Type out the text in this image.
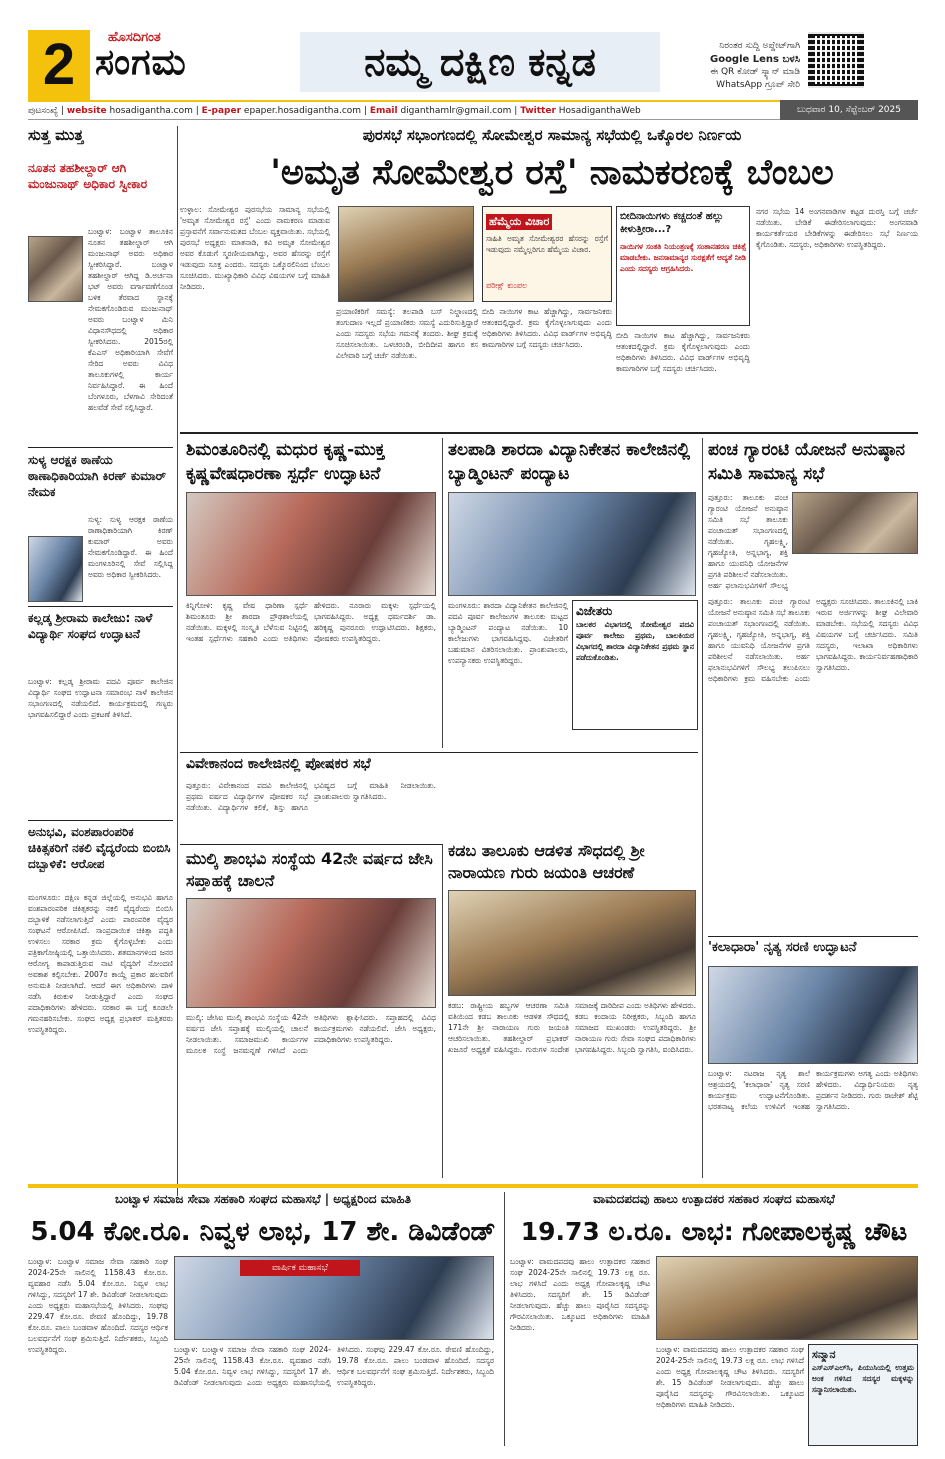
2	ಹೊಸದಿಗಂತ
ಸಂಗಮ	ನಮ್ಮ ದಕ್ಷಿಣ ಕನ್ನಡ	ನಿರಂತರ ಸುದ್ದಿ ಅಪ್ಡೇಟ್‌ಗಾಗಿ
Google Lens ಬಳಸಿ
ಈ QR ಕೋಡ್ ಸ್ಕ್ಯಾನ್ ಮಾಡಿ
WhatsApp ಗ್ರೂಪ್ ಸೇರಿ
ಪುಟಸಂಖ್ಯೆ | website hosadigantha.com | E-paper epaper.hosadigantha.com | Email diganthamlr@gmail.com | Twitter HosadiganthaWeb	ಬುಧವಾರ 10, ಸೆಪ್ಟೆಂಬರ್ 2025
ಸುತ್ತ ಮುತ್ತ
ನೂತನ ತಹಶೀಲ್ದಾರ್ ಆಗಿ ಮಂಜುನಾಥ್ ಅಧಿಕಾರ ಸ್ವೀಕಾರ
ಬಂಟ್ವಾಳ: ಬಂಟ್ವಾಳ ತಾಲೂಕಿನ ನೂತನ ತಹಶೀಲ್ದಾರ್ ಆಗಿ ಮಂಜುನಾಥ್ ಅವರು ಅಧಿಕಾರ ಸ್ವೀಕರಿಸಿದ್ದಾರೆ. ಬಂಟ್ವಾಳ ತಹಶೀಲ್ದಾರ್ ಆಗಿದ್ದ ಡಿ.ಅರ್ಚನಾ ಭಟ್ ಅವರು ವರ್ಗಾವಣೆಗೊಂಡ ಬಳಿಕ ತೆರವಾದ ಸ್ಥಾನಕ್ಕೆ ನೇಮಕಗೊಂಡಿರುವ ಮಂಜುನಾಥ್ ಅವರು ಬಂಟ್ವಾಳ ಮಿನಿ ವಿಧಾನಸೌಧದಲ್ಲಿ ಅಧಿಕಾರ ಸ್ವೀಕರಿಸಿದರು. 2015ರಲ್ಲಿ ಕೆಎಎಸ್ ಅಧಿಕಾರಿಯಾಗಿ ಸೇವೆಗೆ ಸೇರಿದ ಅವರು ವಿವಿಧ ತಾಲೂಕುಗಳಲ್ಲಿ ಕಾರ್ಯ ನಿರ್ವಹಿಸಿದ್ದಾರೆ. ಈ ಹಿಂದೆ ಬೆಂಗಳೂರು, ಬೆಳಗಾವಿ ಸೇರಿದಂತೆ ಹಲವೆಡೆ ಸೇವೆ ಸಲ್ಲಿಸಿದ್ದಾರೆ.
ಸುಳ್ಯ ಆರಕ್ಷಕ ಠಾಣೆಯ ಠಾಣಾಧಿಕಾರಿಯಾಗಿ ಕಿರಣ್ ಕುಮಾರ್ ನೇಮಕ
ಸುಳ್ಯ: ಸುಳ್ಯ ಆರಕ್ಷಕ ಠಾಣೆಯ ಠಾಣಾಧಿಕಾರಿಯಾಗಿ ಕಿರಣ್ ಕುಮಾರ್ ಅವರು ನೇಮಕಗೊಂಡಿದ್ದಾರೆ. ಈ ಹಿಂದೆ ಮಂಗಳೂರಿನಲ್ಲಿ ಸೇವೆ ಸಲ್ಲಿಸಿದ್ದ ಅವರು ಅಧಿಕಾರ ಸ್ವೀಕರಿಸಿದರು.
ಕಲ್ಲಡ್ಕ ಶ್ರೀರಾಮ ಕಾಲೇಜು: ನಾಳೆ ವಿದ್ಯಾರ್ಥಿ ಸಂಘದ ಉದ್ಘಾಟನೆ
ಬಂಟ್ವಾಳ: ಕಲ್ಲಡ್ಕ ಶ್ರೀರಾಮ ಪದವಿ ಪೂರ್ವ ಕಾಲೇಜಿನ ವಿದ್ಯಾರ್ಥಿ ಸಂಘದ ಉದ್ಘಾಟನಾ ಸಮಾರಂಭ ನಾಳೆ ಕಾಲೇಜಿನ ಸಭಾಂಗಣದಲ್ಲಿ ನಡೆಯಲಿದೆ. ಕಾರ್ಯಕ್ರಮದಲ್ಲಿ ಗಣ್ಯರು ಭಾಗವಹಿಸಲಿದ್ದಾರೆ ಎಂದು ಪ್ರಕಟಣೆ ತಿಳಿಸಿದೆ.
ಅನುಭವಿ, ವಂಶಪಾರಂಪರಿಕ ಚಿಕಿತ್ಸಕರಿಗೆ ನಕಲಿ ವೈದ್ಯರೆಂದು ಬಿಂಬಿಸಿ ದಬ್ಬಾಳಿಕೆ: ಆರೋಪ
ಮಂಗಳೂರು: ದಕ್ಷಿಣ ಕನ್ನಡ ಜಿಲ್ಲೆಯಲ್ಲಿ ಅನುಭವಿ ಹಾಗೂ ವಂಶಪಾರಂಪರಿಕ ಚಿಕಿತ್ಸಕರನ್ನು ನಕಲಿ ವೈದ್ಯರೆಂದು ಬಿಂಬಿಸಿ ದಬ್ಬಾಳಿಕೆ ನಡೆಸಲಾಗುತ್ತಿದೆ ಎಂದು ಪಾರಂಪರಿಕ ವೈದ್ಯರ ಸಂಘಟನೆ ಆರೋಪಿಸಿದೆ. ಸಾಂಪ್ರದಾಯಿಕ ಚಿಕಿತ್ಸಾ ಪದ್ಧತಿ ಉಳಿಸಲು ಸರಕಾರ ಕ್ರಮ ಕೈಗೊಳ್ಳಬೇಕು ಎಂದು ಪತ್ರಿಕಾಗೋಷ್ಠಿಯಲ್ಲಿ ಒತ್ತಾಯಿಸಿದರು. ಶತಮಾನಗಳಿಂದ ಜನರ ಆರೋಗ್ಯ ಕಾಪಾಡುತ್ತಿರುವ ನಾಟಿ ವೈದ್ಯರಿಗೆ ನೋಂದಣಿ ಅವಕಾಶ ಕಲ್ಪಿಸಬೇಕು. 2007ರ ಕಾಯ್ದೆ ಪ್ರಕಾರ ಹಲವರಿಗೆ ಅನುಮತಿ ನೀಡಲಾಗಿದೆ. ಆದರೆ ಈಗ ಅಧಿಕಾರಿಗಳು ದಾಳಿ ನಡೆಸಿ ಕಿರುಕುಳ ನೀಡುತ್ತಿದ್ದಾರೆ ಎಂದು ಸಂಘದ ಪದಾಧಿಕಾರಿಗಳು ಹೇಳಿದರು. ಸರಕಾರ ಈ ಬಗ್ಗೆ ಕೂಡಲೇ ಗಮನಹರಿಸಬೇಕು. ಸಂಘದ ಅಧ್ಯಕ್ಷ ಪ್ರಭಾಕರ್ ಮತ್ತಿತರರು ಉಪಸ್ಥಿತರಿದ್ದರು.
ಪುರಸಭೆ ಸಭಾಂಗಣದಲ್ಲಿ ಸೋಮೇಶ್ವರ ಸಾಮಾನ್ಯ ಸಭೆಯಲ್ಲಿ ಒಕ್ಕೊರಲ ನಿರ್ಣಯ
'ಅಮೃತ ಸೋಮೇಶ್ವರ ರಸ್ತೆ' ನಾಮಕರಣಕ್ಕೆ ಬೆಂಬಲ
ಉಳ್ಳಾಲ: ಸೋಮೇಶ್ವರ ಪುರಸಭೆಯ ಸಾಮಾನ್ಯ ಸಭೆಯಲ್ಲಿ 'ಅಮೃತ ಸೋಮೇಶ್ವರ ರಸ್ತೆ' ಎಂದು ನಾಮಕರಣ ಮಾಡುವ ಪ್ರಸ್ತಾವನೆಗೆ ಸರ್ವಾನುಮತದ ಬೆಂಬಲ ವ್ಯಕ್ತವಾಯಿತು. ಸಭೆಯಲ್ಲಿ ಪುರಸಭೆ ಅಧ್ಯಕ್ಷರು ಮಾತನಾಡಿ, ಕವಿ ಅಮೃತ ಸೋಮೇಶ್ವರ ಅವರ ಕೊಡುಗೆ ಸ್ಮರಣೀಯವಾಗಿದ್ದು, ಅವರ ಹೆಸರನ್ನು ರಸ್ತೆಗೆ ಇಡುವುದು ಸೂಕ್ತ ಎಂದರು. ಸದಸ್ಯರು ಒಕ್ಕೊರಲಿನಿಂದ ಬೆಂಬಲ ಸೂಚಿಸಿದರು. ಮುಖ್ಯಾಧಿಕಾರಿ ವಿವಿಧ ವಿಷಯಗಳ ಬಗ್ಗೆ ಮಾಹಿತಿ ನೀಡಿದರು.
ಪ್ರಯಾಣಿಕರಿಗೆ ಸಮಸ್ಯೆ: ತಲಪಾಡಿ ಬಸ್ ನಿಲ್ದಾಣದಲ್ಲಿ ತಂಗುದಾಣ ಇಲ್ಲದೆ ಪ್ರಯಾಣಿಕರು ಸಮಸ್ಯೆ ಎದುರಿಸುತ್ತಿದ್ದಾರೆ ಎಂದು ಸದಸ್ಯರು ಸಭೆಯ ಗಮನಕ್ಕೆ ತಂದರು. ಶೀಘ್ರ ಕ್ರಮಕ್ಕೆ ಸೂಚಿಸಲಾಯಿತು. ಒಳಚರಂಡಿ, ಬೀದಿದೀಪ ಹಾಗೂ ಕಸ ವಿಲೇವಾರಿ ಬಗ್ಗೆ ಚರ್ಚೆ ನಡೆಯಿತು.
ಹೆಮ್ಮೆಯ ವಿಚಾರ
ಸಾಹಿತಿ ಅಮೃತ ಸೋಮೇಶ್ವರರ ಹೆಸರನ್ನು ರಸ್ತೆಗೆ ಇಡುವುದು ನಮ್ಮೆಲ್ಲರಿಗೂ ಹೆಮ್ಮೆಯ ವಿಚಾರ.
ಪರೀಕ್ಷ್ ಕುಂಪಲ
ಬೀದಿ ನಾಯಿಗಳ ಕಾಟ ಹೆಚ್ಚಾಗಿದ್ದು, ಸಾರ್ವಜನಿಕರು ಆತಂಕದಲ್ಲಿದ್ದಾರೆ. ಕ್ರಮ ಕೈಗೊಳ್ಳಲಾಗುವುದು ಎಂದು ಅಧಿಕಾರಿಗಳು ತಿಳಿಸಿದರು. ವಿವಿಧ ವಾರ್ಡ್‌ಗಳ ಅಭಿವೃದ್ಧಿ ಕಾಮಗಾರಿಗಳ ಬಗ್ಗೆ ಸದಸ್ಯರು ಚರ್ಚಿಸಿದರು.
ಬೀದಿನಾಯಿಗಳು ಕಚ್ಚದಂತೆ ಹಲ್ಲು ಕೀಳುತ್ತೀರಾ...?
ನಾಯಿಗಳ ಸಂತತಿ ನಿಯಂತ್ರಣಕ್ಕೆ ಸಂತಾನಹರಣ ಚಿಕಿತ್ಸೆ ಮಾಡಬೇಕು. ಜನಸಾಮಾನ್ಯರ ಸುರಕ್ಷತೆಗೆ ಆದ್ಯತೆ ನೀಡಿ ಎಂದು ಸದಸ್ಯರು ಆಗ್ರಹಿಸಿದರು.
ಬೀದಿ ನಾಯಿಗಳ ಕಾಟ ಹೆಚ್ಚಾಗಿದ್ದು, ಸಾರ್ವಜನಿಕರು ಆತಂಕದಲ್ಲಿದ್ದಾರೆ. ಕ್ರಮ ಕೈಗೊಳ್ಳಲಾಗುವುದು ಎಂದು ಅಧಿಕಾರಿಗಳು ತಿಳಿಸಿದರು. ವಿವಿಧ ವಾರ್ಡ್‌ಗಳ ಅಭಿವೃದ್ಧಿ ಕಾಮಗಾರಿಗಳ ಬಗ್ಗೆ ಸದಸ್ಯರು ಚರ್ಚಿಸಿದರು.
ನಗರ ಸಭೆಯ 14 ಅಂಗನವಾಡಿಗಳ ಕಟ್ಟಡ ದುರಸ್ತಿ ಬಗ್ಗೆ ಚರ್ಚೆ ನಡೆಯಿತು. ಬೇಡಿಕೆ ಈಡೇರಿಸಲಾಗುವುದು: ಅಂಗನವಾಡಿ ಕಾರ್ಯಕರ್ತೆಯರ ಬೇಡಿಕೆಗಳನ್ನು ಈಡೇರಿಸಲು ಸಭೆ ನಿರ್ಣಯ ಕೈಗೊಂಡಿತು. ಸದಸ್ಯರು, ಅಧಿಕಾರಿಗಳು ಉಪಸ್ಥಿತರಿದ್ದರು.
ಶಿಮಂತೂರಿನಲ್ಲಿ ಮಧುರ ಕೃಷ್ಣ-ಮುಕ್ತ ಕೃಷ್ಣವೇಷಧಾರಣಾ ಸ್ಪರ್ಧೆ ಉದ್ಘಾಟನೆ
ಕಿನ್ನಿಗೋಳಿ: ಕೃಷ್ಣ ವೇಷ ಧಾರಿಣಾ ಸ್ಪರ್ಧೆ ಶಿಮಂತೂರು ಶ್ರೀ ಶಾರದಾ ಪ್ರೌಢಶಾಲೆಯಲ್ಲಿ ನಡೆಯಿತು. ಮಕ್ಕಳಲ್ಲಿ ಸಂಸ್ಕೃತಿ ಬೆಳೆಸುವ ನಿಟ್ಟಿನಲ್ಲಿ ಇಂತಹ ಸ್ಪರ್ಧೆಗಳು ಸಹಕಾರಿ ಎಂದು ಅತಿಥಿಗಳು ಹೇಳಿದರು. ನೂರಾರು ಮಕ್ಕಳು ಸ್ಪರ್ಧೆಯಲ್ಲಿ ಭಾಗವಹಿಸಿದ್ದರು. ಅಧ್ಯಕ್ಷ ಧರ್ಮದರ್ಶಿ ಡಾ. ಹರಿಕೃಷ್ಣ ಪುನರೂರು ಉದ್ಘಾಟಿಸಿದರು. ಶಿಕ್ಷಕರು, ಪೋಷಕರು ಉಪಸ್ಥಿತರಿದ್ದರು.
ತಲಪಾಡಿ ಶಾರದಾ ವಿದ್ಯಾನಿಕೇತನ ಕಾಲೇಜಿನಲ್ಲಿ ಬ್ಯಾಡ್ಮಿಂಟನ್ ಪಂದ್ಯಾಟ
ಮಂಗಳೂರು: ಶಾರದಾ ವಿದ್ಯಾನಿಕೇತನ ಕಾಲೇಜಿನಲ್ಲಿ ಪದವಿ ಪೂರ್ವ ಕಾಲೇಜುಗಳ ತಾಲೂಕು ಮಟ್ಟದ ಬ್ಯಾಡ್ಮಿಂಟನ್ ಪಂದ್ಯಾಟ ನಡೆಯಿತು. 10 ಕಾಲೇಜುಗಳು ಭಾಗವಹಿಸಿದ್ದವು. ವಿಜೇತರಿಗೆ ಬಹುಮಾನ ವಿತರಿಸಲಾಯಿತು. ಪ್ರಾಂಶುಪಾಲರು, ಉಪನ್ಯಾಸಕರು ಉಪಸ್ಥಿತರಿದ್ದರು.
ವಿಜೇತರು
ಬಾಲಕರ ವಿಭಾಗದಲ್ಲಿ ಸೋಮೇಶ್ವರ ಪದವಿ ಪೂರ್ವ ಕಾಲೇಜು ಪ್ರಥಮ, ಬಾಲಕಿಯರ ವಿಭಾಗದಲ್ಲಿ ಶಾರದಾ ವಿದ್ಯಾನಿಕೇತನ ಪ್ರಥಮ ಸ್ಥಾನ ಪಡೆದುಕೊಂಡಿತು.
ಪಂಚ ಗ್ಯಾರಂಟಿ ಯೋಜನೆ ಅನುಷ್ಠಾನ ಸಮಿತಿ ಸಾಮಾನ್ಯ ಸಭೆ
ಪುತ್ತೂರು: ತಾಲೂಕು ಪಂಚ ಗ್ಯಾರಂಟಿ ಯೋಜನೆ ಅನುಷ್ಠಾನ ಸಮಿತಿ ಸಭೆ ತಾಲೂಕು ಪಂಚಾಯತ್ ಸಭಾಂಗಣದಲ್ಲಿ ನಡೆಯಿತು. ಗೃಹಲಕ್ಷ್ಮಿ, ಗೃಹಜ್ಯೋತಿ, ಅನ್ನಭಾಗ್ಯ, ಶಕ್ತಿ ಹಾಗೂ ಯುವನಿಧಿ ಯೋಜನೆಗಳ ಪ್ರಗತಿ ಪರಿಶೀಲನೆ ನಡೆಸಲಾಯಿತು. ಅರ್ಹ ಫಲಾನುಭವಿಗಳಿಗೆ ಸೌಲಭ್ಯ
ಪುತ್ತೂರು: ತಾಲೂಕು ಪಂಚ ಗ್ಯಾರಂಟಿ ಯೋಜನೆ ಅನುಷ್ಠಾನ ಸಮಿತಿ ಸಭೆ ತಾಲೂಕು ಪಂಚಾಯತ್ ಸಭಾಂಗಣದಲ್ಲಿ ನಡೆಯಿತು. ಗೃಹಲಕ್ಷ್ಮಿ, ಗೃಹಜ್ಯೋತಿ, ಅನ್ನಭಾಗ್ಯ, ಶಕ್ತಿ ಹಾಗೂ ಯುವನಿಧಿ ಯೋಜನೆಗಳ ಪ್ರಗತಿ ಪರಿಶೀಲನೆ ನಡೆಸಲಾಯಿತು. ಅರ್ಹ ಫಲಾನುಭವಿಗಳಿಗೆ ಸೌಲಭ್ಯ ತಲುಪಿಸಲು ಅಧಿಕಾರಿಗಳು ಕ್ರಮ ವಹಿಸಬೇಕು ಎಂದು ಅಧ್ಯಕ್ಷರು ಸೂಚಿಸಿದರು. ತಾಲೂಕಿನಲ್ಲಿ ಬಾಕಿ ಇರುವ ಅರ್ಜಿಗಳನ್ನು ಶೀಘ್ರ ವಿಲೇವಾರಿ ಮಾಡಬೇಕು. ಸಭೆಯಲ್ಲಿ ಸದಸ್ಯರು ವಿವಿಧ ವಿಷಯಗಳ ಬಗ್ಗೆ ಚರ್ಚಿಸಿದರು. ಸಮಿತಿ ಸದಸ್ಯರು, ಇಲಾಖಾ ಅಧಿಕಾರಿಗಳು ಭಾಗವಹಿಸಿದ್ದರು. ಕಾರ್ಯನಿರ್ವಹಣಾಧಿಕಾರಿ ಸ್ವಾಗತಿಸಿದರು.
ವಿವೇಕಾನಂದ ಕಾಲೇಜಿನಲ್ಲಿ ಪೋಷಕರ ಸಭೆ
ಪುತ್ತೂರು: ವಿವೇಕಾನಂದ ಪದವಿ ಕಾಲೇಜಿನಲ್ಲಿ ಪ್ರಥಮ ವರ್ಷದ ವಿದ್ಯಾರ್ಥಿಗಳ ಪೋಷಕರ ಸಭೆ ನಡೆಯಿತು. ವಿದ್ಯಾರ್ಥಿಗಳ ಕಲಿಕೆ, ಶಿಸ್ತು ಹಾಗೂ ಭವಿಷ್ಯದ ಬಗ್ಗೆ ಮಾಹಿತಿ ನೀಡಲಾಯಿತು. ಪ್ರಾಂಶುಪಾಲರು ಸ್ವಾಗತಿಸಿದರು.
ಕಡಬ ತಾಲೂಕು ಆಡಳಿತ ಸೌಧದಲ್ಲಿ ಶ್ರೀ ನಾರಾಯಣ ಗುರು ಜಯಂತಿ ಆಚರಣೆ
ಕಡಬ: ರಾಷ್ಟ್ರೀಯ ಹಬ್ಬಗಳ ಆಚರಣಾ ಸಮಿತಿ ವತಿಯಿಂದ ಕಡಬ ತಾಲೂಕು ಆಡಳಿತ ಸೌಧದಲ್ಲಿ 171ನೇ ಶ್ರೀ ನಾರಾಯಣ ಗುರು ಜಯಂತಿ ಆಚರಿಸಲಾಯಿತು. ತಹಶೀಲ್ದಾರ್ ಪ್ರಭಾಕರ್ ಖಜೂರೆ ಅಧ್ಯಕ್ಷತೆ ವಹಿಸಿದ್ದರು. ಗುರುಗಳ ಸಂದೇಶ ಸಮಾಜಕ್ಕೆ ದಾರಿದೀಪ ಎಂದು ಅತಿಥಿಗಳು ಹೇಳಿದರು. ಕಡಬ ಕಂದಾಯ ನಿರೀಕ್ಷಕರು, ಸಿಬ್ಬಂದಿ ಹಾಗೂ ಸಮಾಜದ ಮುಖಂಡರು ಉಪಸ್ಥಿತರಿದ್ದರು. ಶ್ರೀ ನಾರಾಯಣ ಗುರು ಸೇವಾ ಸಂಘದ ಪದಾಧಿಕಾರಿಗಳು ಭಾಗವಹಿಸಿದ್ದರು. ಸಿಬ್ಬಂದಿ ಸ್ವಾಗತಿಸಿ, ವಂದಿಸಿದರು.
ಮುಲ್ಕಿ ಶಾಂಭವಿ ಸಂಸ್ಥೆಯ 42ನೇ ವರ್ಷದ ಜೇಸಿ ಸಪ್ತಾಹಕ್ಕೆ ಚಾಲನೆ
ಮುಲ್ಕಿ: ಜೇಸಿಐ ಮುಲ್ಕಿ ಶಾಂಭವಿ ಸಂಸ್ಥೆಯ 42ನೇ ವರ್ಷದ ಜೇಸಿ ಸಪ್ತಾಹಕ್ಕೆ ಮುಲ್ಕಿಯಲ್ಲಿ ಚಾಲನೆ ನೀಡಲಾಯಿತು. ಸಮಾಜಮುಖಿ ಕಾರ್ಯಗಳ ಮೂಲಕ ಸಂಸ್ಥೆ ಜನಮನ್ನಣೆ ಗಳಿಸಿದೆ ಎಂದು ಅತಿಥಿಗಳು ಶ್ಲಾಘಿಸಿದರು. ಸಪ್ತಾಹದಲ್ಲಿ ವಿವಿಧ ಕಾರ್ಯಕ್ರಮಗಳು ನಡೆಯಲಿವೆ. ಜೇಸಿ ಅಧ್ಯಕ್ಷರು, ಪದಾಧಿಕಾರಿಗಳು ಉಪಸ್ಥಿತರಿದ್ದರು.
'ಕಲಾಧಾರಾ' ನೃತ್ಯ ಸರಣಿ ಉದ್ಘಾಟನೆ
ಬಂಟ್ವಾಳ: ನಟರಾಜ ನೃತ್ಯ ಶಾಲೆ ಆಶ್ರಯದಲ್ಲಿ 'ಕಲಾಧಾರಾ' ನೃತ್ಯ ಸರಣಿ ಕಾರ್ಯಕ್ರಮ ಉದ್ಘಾಟನೆಗೊಂಡಿತು. ಭರತನಾಟ್ಯ ಕಲೆಯ ಉಳಿವಿಗೆ ಇಂತಹ ಕಾರ್ಯಕ್ರಮಗಳು ಅಗತ್ಯ ಎಂದು ಅತಿಥಿಗಳು ಹೇಳಿದರು. ವಿದ್ಯಾರ್ಥಿನಿಯರು ನೃತ್ಯ ಪ್ರದರ್ಶನ ನೀಡಿದರು. ಗುರು ರಾಜೇಶ್ ಶೆಟ್ಟಿ ಸ್ವಾಗತಿಸಿದರು.
ಬಂಟ್ವಾಳ ಸಮಾಜ ಸೇವಾ ಸಹಕಾರಿ ಸಂಘದ ಮಹಾಸಭೆ | ಅಧ್ಯಕ್ಷರಿಂದ ಮಾಹಿತಿ
5.04 ಕೋ.ರೂ. ನಿವ್ವಳ ಲಾಭ, 17 ಶೇ. ಡಿವಿಡೆಂಡ್
ಬಂಟ್ವಾಳ: ಬಂಟ್ವಾಳ ಸಮಾಜ ಸೇವಾ ಸಹಕಾರಿ ಸಂಘ 2024-25ನೇ ಸಾಲಿನಲ್ಲಿ 1158.43 ಕೋ.ರೂ. ವ್ಯವಹಾರ ನಡೆಸಿ 5.04 ಕೋ.ರೂ. ನಿವ್ವಳ ಲಾಭ ಗಳಿಸಿದ್ದು, ಸದಸ್ಯರಿಗೆ 17 ಶೇ. ಡಿವಿಡೆಂಡ್ ನೀಡಲಾಗುವುದು ಎಂದು ಅಧ್ಯಕ್ಷರು ಮಹಾಸಭೆಯಲ್ಲಿ ತಿಳಿಸಿದರು. ಸಂಘವು 229.47 ಕೋ.ರೂ. ಠೇವಣಿ ಹೊಂದಿದ್ದು, 19.78 ಕೋ.ರೂ. ಪಾಲು ಬಂಡವಾಳ ಹೊಂದಿದೆ. ಸದಸ್ಯರ ಆರ್ಥಿಕ ಬಲವರ್ಧನೆಗೆ ಸಂಘ ಶ್ರಮಿಸುತ್ತಿದೆ. ನಿರ್ದೇಶಕರು, ಸಿಬ್ಬಂದಿ ಉಪಸ್ಥಿತರಿದ್ದರು.	ಬಂಟ್ವಾಳ: ಬಂಟ್ವಾಳ ಸಮಾಜ ಸೇವಾ ಸಹಕಾರಿ ಸಂಘ 2024-25ನೇ ಸಾಲಿನಲ್ಲಿ 1158.43 ಕೋ.ರೂ. ವ್ಯವಹಾರ ನಡೆಸಿ 5.04 ಕೋ.ರೂ. ನಿವ್ವಳ ಲಾಭ ಗಳಿಸಿದ್ದು, ಸದಸ್ಯರಿಗೆ 17 ಶೇ. ಡಿವಿಡೆಂಡ್ ನೀಡಲಾಗುವುದು ಎಂದು ಅಧ್ಯಕ್ಷರು ಮಹಾಸಭೆಯಲ್ಲಿ ತಿಳಿಸಿದರು. ಸಂಘವು 229.47 ಕೋ.ರೂ. ಠೇವಣಿ ಹೊಂದಿದ್ದು, 19.78 ಕೋ.ರೂ. ಪಾಲು ಬಂಡವಾಳ ಹೊಂದಿದೆ. ಸದಸ್ಯರ ಆರ್ಥಿಕ ಬಲವರ್ಧನೆಗೆ ಸಂಘ ಶ್ರಮಿಸುತ್ತಿದೆ. ನಿರ್ದೇಶಕರು, ಸಿಬ್ಬಂದಿ ಉಪಸ್ಥಿತರಿದ್ದರು.
ವಾಮದಪದವು ಹಾಲು ಉತ್ಪಾದಕರ ಸಹಕಾರ ಸಂಘದ ಮಹಾಸಭೆ
19.73 ಲ.ರೂ. ಲಾಭ: ಗೋಪಾಲಕೃಷ್ಣ ಚೌಟ
ಬಂಟ್ವಾಳ: ವಾಮದಪದವು ಹಾಲು ಉತ್ಪಾದಕರ ಸಹಕಾರ ಸಂಘ 2024-25ನೇ ಸಾಲಿನಲ್ಲಿ 19.73 ಲಕ್ಷ ರೂ. ಲಾಭ ಗಳಿಸಿದೆ ಎಂದು ಅಧ್ಯಕ್ಷ ಗೋಪಾಲಕೃಷ್ಣ ಚೌಟ ತಿಳಿಸಿದರು. ಸದಸ್ಯರಿಗೆ ಶೇ. 15 ಡಿವಿಡೆಂಡ್ ನೀಡಲಾಗುವುದು. ಹೆಚ್ಚು ಹಾಲು ಪೂರೈಸಿದ ಸದಸ್ಯರನ್ನು ಗೌರವಿಸಲಾಯಿತು. ಒಕ್ಕೂಟದ ಅಧಿಕಾರಿಗಳು ಮಾಹಿತಿ ನೀಡಿದರು.
ಬಂಟ್ವಾಳ: ವಾಮದಪದವು ಹಾಲು ಉತ್ಪಾದಕರ ಸಹಕಾರ ಸಂಘ 2024-25ನೇ ಸಾಲಿನಲ್ಲಿ 19.73 ಲಕ್ಷ ರೂ. ಲಾಭ ಗಳಿಸಿದೆ ಎಂದು ಅಧ್ಯಕ್ಷ ಗೋಪಾಲಕೃಷ್ಣ ಚೌಟ ತಿಳಿಸಿದರು. ಸದಸ್ಯರಿಗೆ ಶೇ. 15 ಡಿವಿಡೆಂಡ್ ನೀಡಲಾಗುವುದು. ಹೆಚ್ಚು ಹಾಲು ಪೂರೈಸಿದ ಸದಸ್ಯರನ್ನು ಗೌರವಿಸಲಾಯಿತು. ಒಕ್ಕೂಟದ ಅಧಿಕಾರಿಗಳು ಮಾಹಿತಿ ನೀಡಿದರು.
ಸನ್ಮಾನ
ಎಸ್ಎಸ್ಎಲ್‌ಸಿ, ಪಿಯುಸಿಯಲ್ಲಿ ಉತ್ತಮ ಅಂಕ ಗಳಿಸಿದ ಸದಸ್ಯರ ಮಕ್ಕಳನ್ನು ಸನ್ಮಾನಿಸಲಾಯಿತು.
ವಾರ್ಷಿಕ ಮಹಾಸಭೆ
